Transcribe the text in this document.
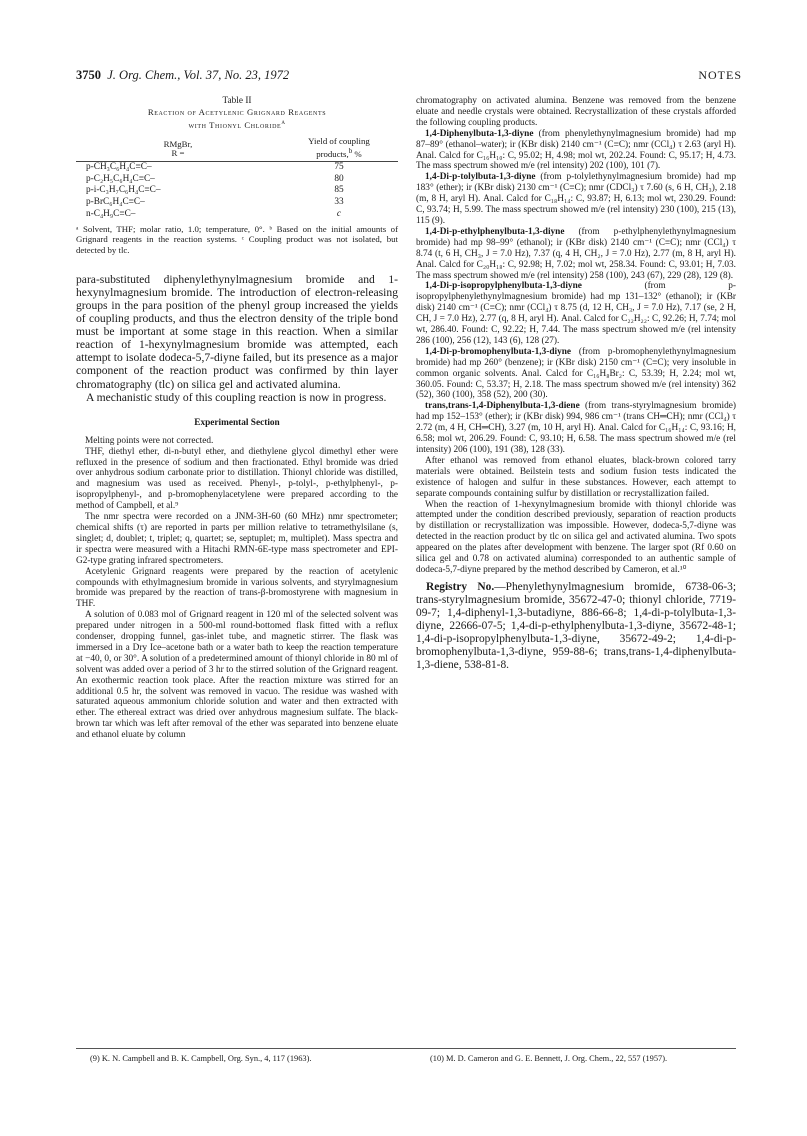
3750 J. Org. Chem., Vol. 37, No. 23, 1972	NOTES
Table II
Reaction of Acetylenic Grignard Reagents
with Thionyl Chloride$^a$
RMgBr,
R =	Yield of coupling
products,$^b$ %
p-CH₃C₆H₄C≡C–	75
p-C₂H₅C₆H₄C≡C–	80
p-i-C₃H₇C₆H₄C≡C–	85
p-BrC₆H₄C≡C–	33
n-C₄H₉C≡C–	c
ᵃ Solvent, THF; molar ratio, 1.0; temperature, 0°. ᵇ Based on the initial amounts of Grignard reagents in the reaction systems. ᶜ Coupling product was not isolated, but detected by tlc.

para-substituted diphenylethynylmagnesium bromide and 1-hexynylmagnesium bromide. The introduction of electron-releasing groups in the para position of the phenyl group increased the yields of coupling products, and thus the electron density of the triple bond must be important at some stage in this reaction. When a similar reaction of 1-hexynylmagnesium bromide was attempted, each attempt to isolate dodeca-5,7-diyne failed, but its presence as a major component of the reaction product was confirmed by thin layer chromatography (tlc) on silica gel and activated alumina.

A mechanistic study of this coupling reaction is now in progress.

Experimental Section

Melting points were not corrected.

THF, diethyl ether, di-n-butyl ether, and diethylene glycol dimethyl ether were refluxed in the presence of sodium and then fractionated. Ethyl bromide was dried over anhydrous sodium carbonate prior to distillation. Thionyl chloride was distilled, and magnesium was used as received. Phenyl-, p-tolyl-, p-ethylphenyl-, p-isopropylphenyl-, and p-bromophenylacetylene were prepared according to the method of Campbell, et al.⁹

The nmr spectra were recorded on a JNM-3H-60 (60 MHz) nmr spectrometer; chemical shifts (τ) are reported in parts per million relative to tetramethylsilane (s, singlet; d, doublet; t, triplet; q, quartet; se, septuplet; m, multiplet). Mass spectra and ir spectra were measured with a Hitachi RMN-6E-type mass spectrometer and EPI-G2-type grating infrared spectrometers.

Acetylenic Grignard reagents were prepared by the reaction of acetylenic compounds with ethylmagnesium bromide in various solvents, and styrylmagnesium bromide was prepared by the reaction of trans-β-bromostyrene with magnesium in THF.

A solution of 0.083 mol of Grignard reagent in 120 ml of the selected solvent was prepared under nitrogen in a 500-ml round-bottomed flask fitted with a reflux condenser, dropping funnel, gas-inlet tube, and magnetic stirrer. The flask was immersed in a Dry Ice–acetone bath or a water bath to keep the reaction temperature at −40, 0, or 30°. A solution of a predetermined amount of thionyl chloride in 80 ml of solvent was added over a period of 3 hr to the stirred solution of the Grignard reagent. An exothermic reaction took place. After the reaction mixture was stirred for an additional 0.5 hr, the solvent was removed in vacuo. The residue was washed with saturated aqueous ammonium chloride solution and water and then extracted with ether. The ethereal extract was dried over anhydrous magnesium sulfate. The black-brown tar which was left after removal of the ether was separated into benzene eluate and ethanol eluate by column

chromatography on activated alumina. Benzene was removed from the benzene eluate and needle crystals were obtained. Recrystallization of these crystals afforded the following coupling products.

1,4-Diphenylbuta-1,3-diyne (from phenylethynylmagnesium bromide) had mp 87–89° (ethanol–water); ir (KBr disk) 2140 cm⁻¹ (C≡C); nmr (CCl₄) τ 2.63 (aryl H). Anal. Calcd for C₁₆H₁₀: C, 95.02; H, 4.98; mol wt, 202.24. Found: C, 95.17; H, 4.73. The mass spectrum showed m/e (rel intensity) 202 (100), 101 (7).

1,4-Di-p-tolylbuta-1,3-diyne (from p-tolylethynylmagnesium bromide) had mp 183° (ether); ir (KBr disk) 2130 cm⁻¹ (C≡C); nmr (CDCl₃) τ 7.60 (s, 6 H, CH₃), 2.18 (m, 8 H, aryl H). Anal. Calcd for C₁₈H₁₄: C, 93.87; H, 6.13; mol wt, 230.29. Found: C, 93.74; H, 5.99. The mass spectrum showed m/e (rel intensity) 230 (100), 215 (13), 115 (9).

1,4-Di-p-ethylphenylbuta-1,3-diyne (from p-ethylphenylethynylmagnesium bromide) had mp 98–99° (ethanol); ir (KBr disk) 2140 cm⁻¹ (C≡C); nmr (CCl₄) τ 8.74 (t, 6 H, CH₃, J = 7.0 Hz), 7.37 (q, 4 H, CH₂, J = 7.0 Hz), 2.77 (m, 8 H, aryl H). Anal. Calcd for C₂₀H₁₈: C, 92.98; H, 7.02; mol wt, 258.34. Found: C, 93.01; H, 7.03. The mass spectrum showed m/e (rel intensity) 258 (100), 243 (67), 229 (28), 129 (8).

1,4-Di-p-isopropylphenylbuta-1,3-diyne	(from p-isopropylphenylethynylmagnesium bromide) had mp 131–132° (ethanol); ir (KBr disk) 2140 cm⁻¹ (C≡C); nmr (CCl₄) τ 8.75 (d, 12 H, CH₃, J = 7.0 Hz), 7.17 (se, 2 H, CH, J = 7.0 Hz), 2.77 (q, 8 H, aryl H). Anal. Calcd for C₂₂H₂₂: C, 92.26; H, 7.74; mol wt, 286.40. Found: C, 92.22; H, 7.44. The mass spectrum showed m/e (rel intensity 286 (100), 256 (12), 143 (6), 128 (27).

1,4-Di-p-bromophenylbuta-1,3-diyne (from p-bromophenylethynylmagnesium bromide) had mp 260° (benzene); ir (KBr disk) 2150 cm⁻¹ (C≡C); very insoluble in common organic solvents. Anal. Calcd for C₁₆H₈Br₂: C, 53.39; H, 2.24; mol wt, 360.05. Found: C, 53.37; H, 2.18. The mass spectrum showed m/e (rel intensity) 362 (52), 360 (100), 358 (52), 200 (30).

trans,trans-1,4-Diphenylbuta-1,3-diene (from trans-styrylmagnesium bromide) had mp 152–153° (ether); ir (KBr disk) 994, 986 cm⁻¹ (trans CH═CH); nmr (CCl₄) τ 2.72 (m, 4 H, CH═CH), 3.27 (m, 10 H, aryl H). Anal. Calcd for C₁₆H₁₄: C, 93.16; H, 6.58; mol wt, 206.29. Found: C, 93.10; H, 6.58. The mass spectrum showed m/e (rel intensity) 206 (100), 191 (38), 128 (33).

After ethanol was removed from ethanol eluates, black-brown colored tarry materials were obtained. Beilstein tests and sodium fusion tests indicated the existence of halogen and sulfur in these substances. However, each attempt to separate compounds containing sulfur by distillation or recrystallization failed.

When the reaction of 1-hexynylmagnesium bromide with thionyl chloride was attempted under the condition described previously, separation of reaction products by distillation or recrystallization was impossible. However, dodeca-5,7-diyne was detected in the reaction product by tlc on silica gel and activated alumina. Two spots appeared on the plates after development with benzene. The larger spot (Rf 0.60 on silica gel and 0.78 on activated alumina) corresponded to an authentic sample of dodeca-5,7-diyne prepared by the method described by Cameron, et al.¹⁰

Registry No.—Phenylethynylmagnesium bromide, 6738-06-3; trans-styrylmagnesium bromide, 35672-47-0; thionyl chloride, 7719-09-7; 1,4-diphenyl-1,3-butadiyne, 886-66-8; 1,4-di-p-tolylbuta-1,3-diyne, 22666-07-5; 1,4-di-p-ethylphenylbuta-1,3-diyne, 35672-48-1; 1,4-di-p-isopropylphenylbuta-1,3-diyne, 35672-49-2; 1,4-di-p-bromophenylbuta-1,3-diyne, 959-88-6; trans,trans-1,4-diphenylbuta-1,3-diene, 538-81-8.
(9) K. N. Campbell and B. K. Campbell, Org. Syn., 4, 117 (1963).	(10) M. D. Cameron and G. E. Bennett, J. Org. Chem., 22, 557 (1957).
